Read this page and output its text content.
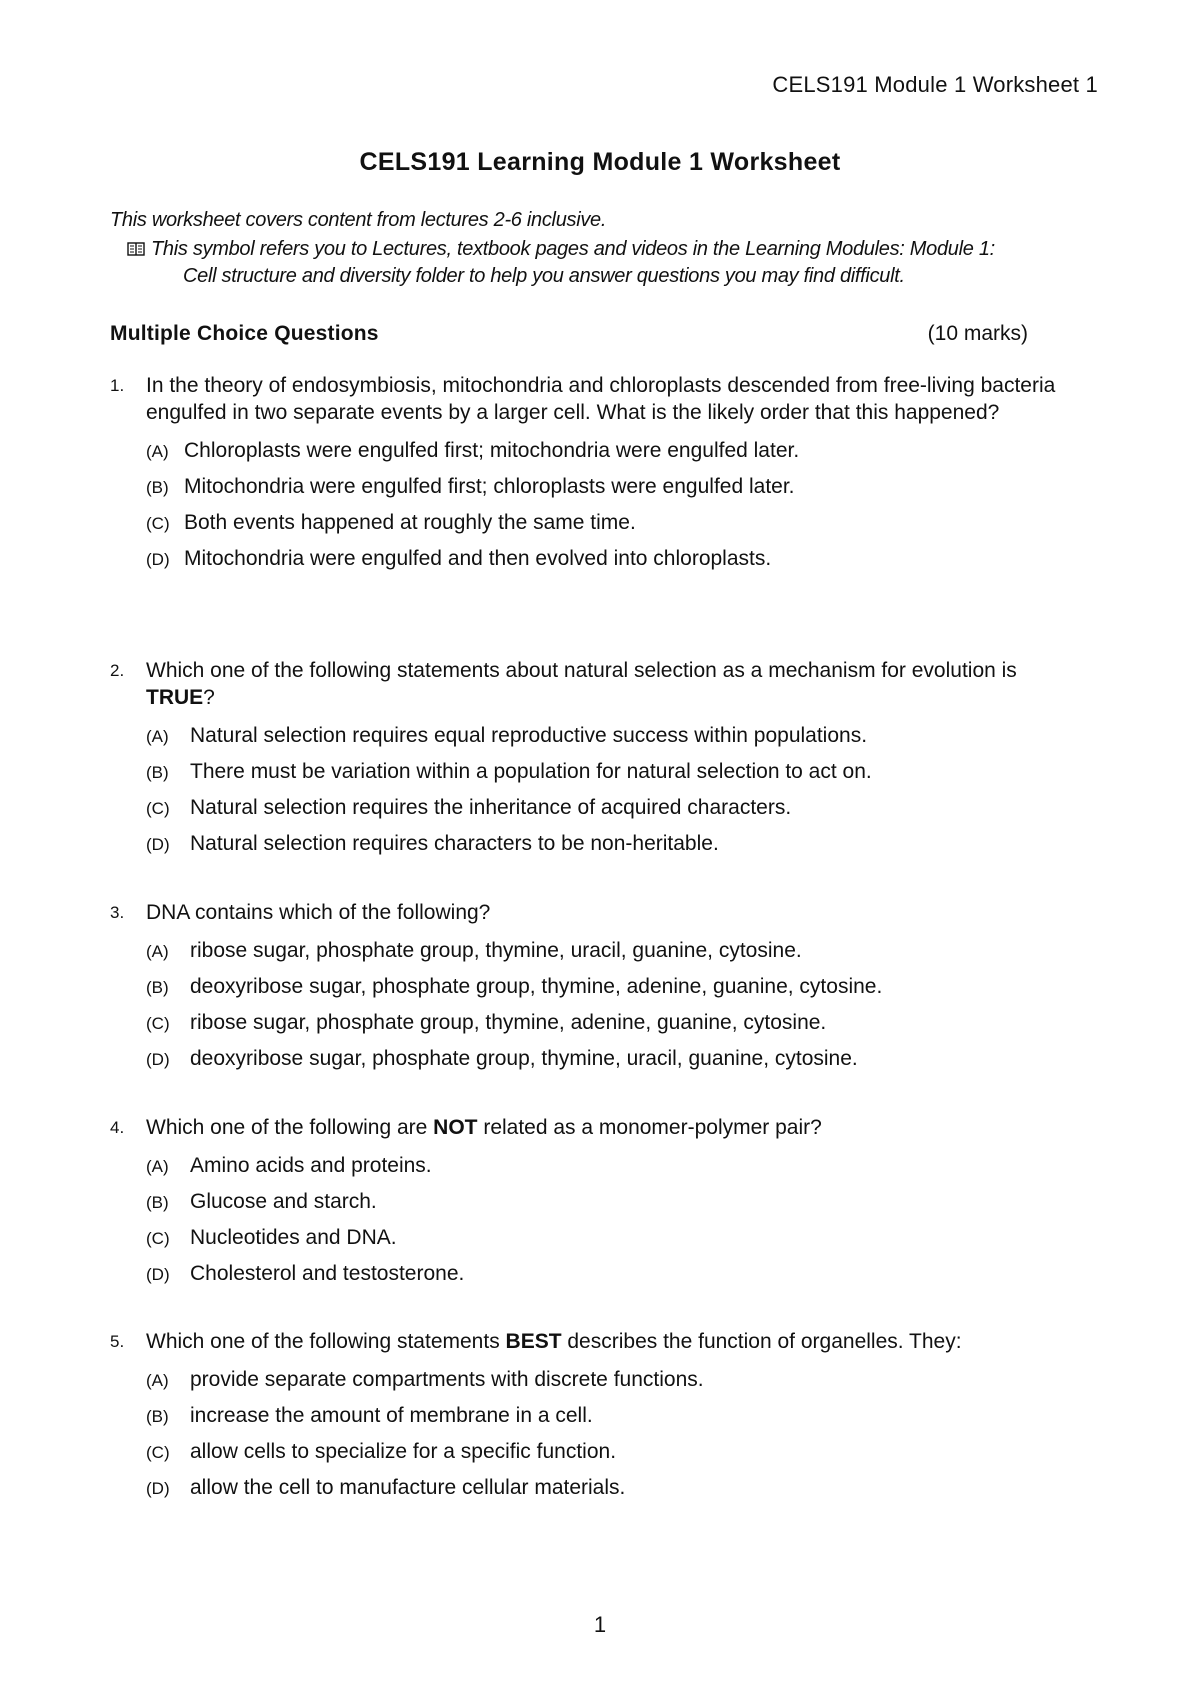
CELS191 Module 1 Worksheet 1
CELS191 Learning Module 1 Worksheet
This worksheet covers content from lectures 2-6 inclusive.
This symbol refers you to Lectures, textbook pages and videos in the Learning Modules: Module 1:
Cell structure and diversity folder to help you answer questions you may find difficult.
Multiple Choice Questions	(10 marks)
1. In the theory of endosymbiosis, mitochondria and chloroplasts descended from free-living bacteria engulfed in two separate events by a larger cell. What is the likely order that this happened?
(A) Chloroplasts were engulfed first; mitochondria were engulfed later.
(B) Mitochondria were engulfed first; chloroplasts were engulfed later.
(C) Both events happened at roughly the same time.
(D) Mitochondria were engulfed and then evolved into chloroplasts.
2. Which one of the following statements about natural selection as a mechanism for evolution is TRUE?
(A) Natural selection requires equal reproductive success within populations.
(B) There must be variation within a population for natural selection to act on.
(C) Natural selection requires the inheritance of acquired characters.
(D) Natural selection requires characters to be non-heritable.
3. DNA contains which of the following?
(A) ribose sugar, phosphate group, thymine, uracil, guanine, cytosine.
(B) deoxyribose sugar, phosphate group, thymine, adenine, guanine, cytosine.
(C) ribose sugar, phosphate group, thymine, adenine, guanine, cytosine.
(D) deoxyribose sugar, phosphate group, thymine, uracil, guanine, cytosine.
4. Which one of the following are NOT related as a monomer-polymer pair?
(A) Amino acids and proteins.
(B) Glucose and starch.
(C) Nucleotides and DNA.
(D) Cholesterol and testosterone.
5. Which one of the following statements BEST describes the function of organelles. They:
(A) provide separate compartments with discrete functions.
(B) increase the amount of membrane in a cell.
(C) allow cells to specialize for a specific function.
(D) allow the cell to manufacture cellular materials.
1
